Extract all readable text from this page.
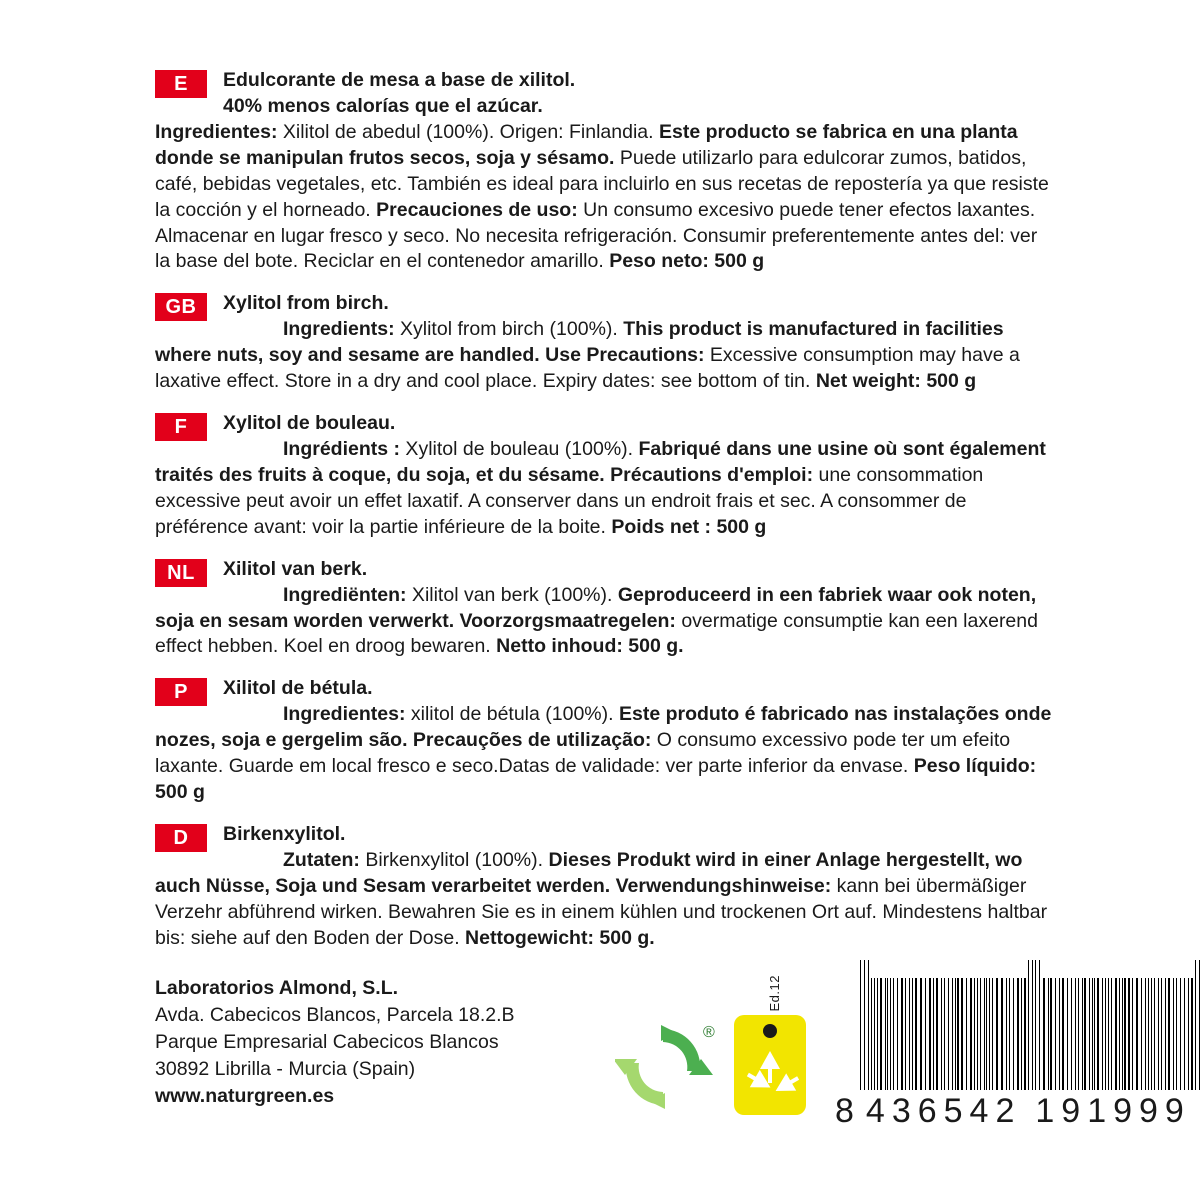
E	Edulcorante de mesa a base de xilitol.
40% menos calorías que el azúcar.
Ingredientes: Xilitol de abedul (100%). Origen: Finlandia. Este producto se fabrica en una planta donde se manipulan frutos secos, soja y sésamo. Puede utilizarlo para edulcorar zumos, batidos, café, bebidas vegetales, etc. También es ideal para incluirlo en sus recetas de repostería ya que resiste la cocción y el horneado. Precauciones de uso: Un consumo excesivo puede tener efectos laxantes. Almacenar en lugar fresco y seco. No necesita refrigeración. Consumir preferentemente antes del: ver la base del bote. Reciclar en el contenedor amarillo. Peso neto: 500 g
GB	Xylitol from birch.
Ingredients: Xylitol from birch (100%). This product is manufactured in facilities where nuts, soy and sesame are handled. Use Precautions: Excessive consumption may have a laxative effect. Store in a dry and cool place. Expiry dates: see bottom of tin. Net weight: 500 g
F	Xylitol de bouleau.
Ingrédients : Xylitol de bouleau (100%). Fabriqué dans une usine où sont également traités des fruits à coque, du soja, et du sésame. Précautions d'emploi: une consommation excessive peut avoir un effet laxatif. A conserver dans un endroit frais et sec. A consommer de préférence avant: voir la partie inférieure de la boite. Poids net : 500 g
NL	Xilitol van berk.
Ingrediënten: Xilitol van berk (100%). Geproduceerd in een fabriek waar ook noten, soja en sesam worden verwerkt. Voorzorgsmaatregelen: overmatige consumptie kan een laxerend effect hebben. Koel en droog bewaren. Netto inhoud: 500 g.
P	Xilitol de bétula.
Ingredientes: xilitol de bétula (100%). Este produto é fabricado nas instalações onde nozes, soja e gergelim são. Precauções de utilização: O consumo excessivo pode ter um efeito laxante. Guarde em local fresco e seco.Datas de validade: ver parte inferior da envase. Peso líquido: 500 g
D	Birkenxylitol.
Zutaten: Birkenxylitol (100%). Dieses Produkt wird in einer Anlage hergestellt, wo auch Nüsse, Soja und Sesam verarbeitet werden. Verwendungshinweise: kann bei übermäßiger Verzehr abführend wirken. Bewahren Sie es in einem kühlen und trockenen Ort auf. Mindestens haltbar bis: siehe auf den Boden der Dose. Nettogewicht: 500 g.
Laboratorios Almond, S.L.
Avda. Cabecicos Blancos, Parcela 18.2.B
Parque Empresarial Cabecicos Blancos
30892 Librilla - Murcia (Spain)
www.naturgreen.es
Ed.12
®
8 436542 191999
